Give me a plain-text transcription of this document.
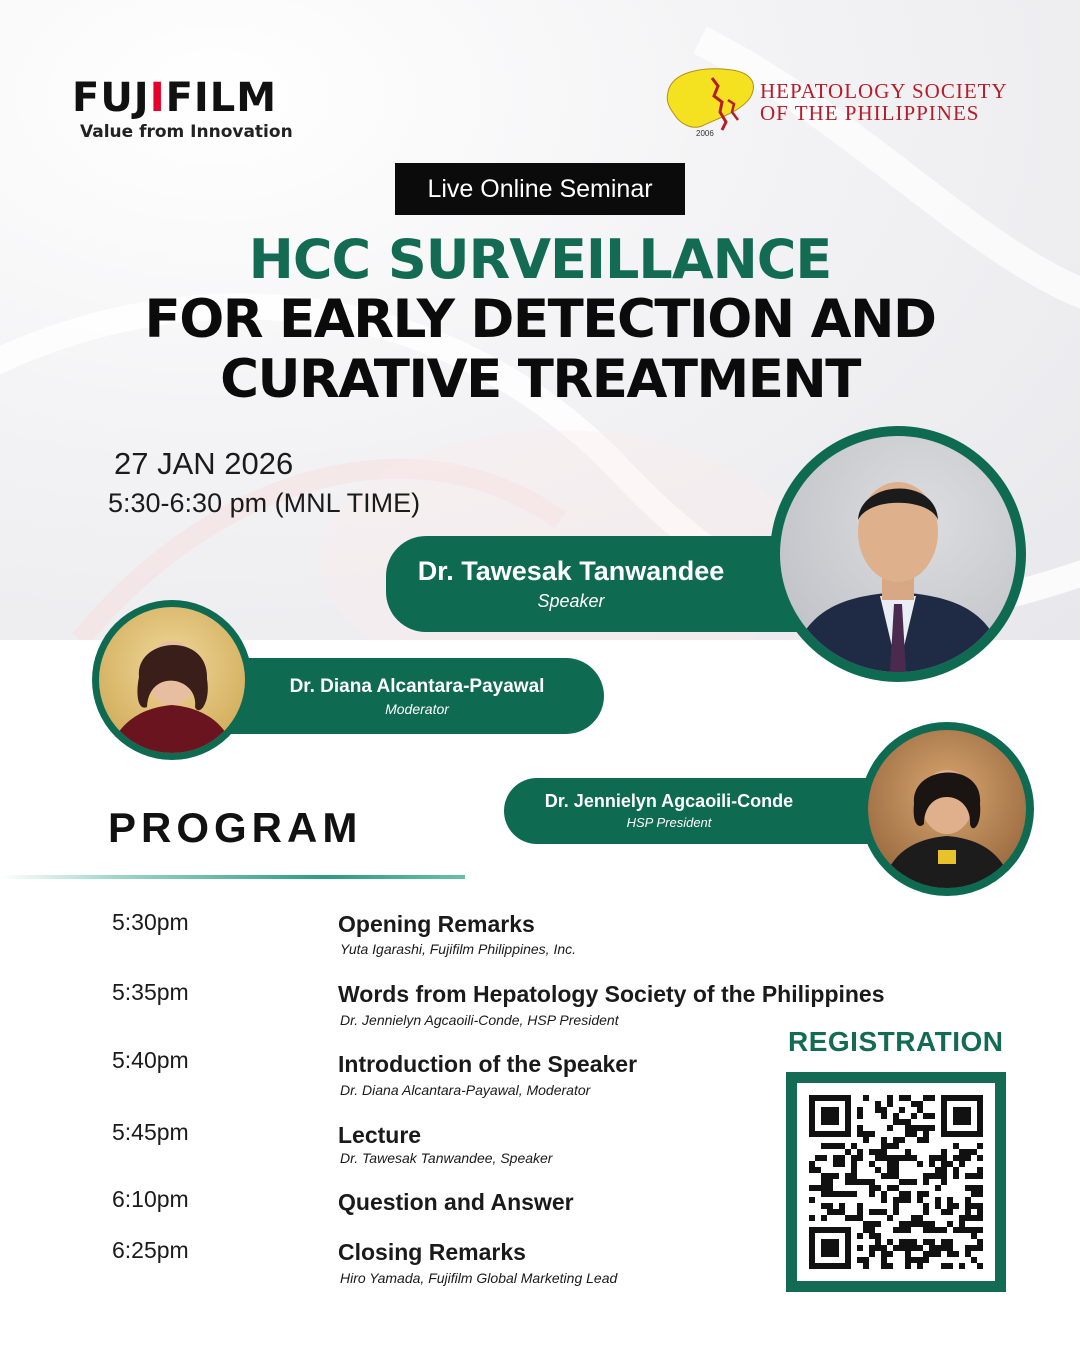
FUJIFILM
Value from Innovation	2006
HEPATOLOGY SOCIETY
OF THE PHILIPPINES
Live Online Seminar
HCC SURVEILLANCE
FOR EARLY DETECTION AND
CURATIVE TREATMENT
27 JAN 2026
5:30-6:30 pm (MNL TIME)
Dr. Tawesak Tanwandee
Speaker
Dr. Diana Alcantara-Payawal
Moderator
Dr. Jennielyn Agcaoili-Conde
HSP President
PROGRAM
5:30pm	Opening Remarks
Yuta Igarashi, Fujifilm Philippines, Inc.
5:35pm	Words from Hepatology Society of the Philippines
Dr. Jennielyn Agcaoili-Conde, HSP President
5:40pm	Introduction of the Speaker
Dr. Diana Alcantara-Payawal, Moderator
5:45pm	Lecture
Dr. Tawesak Tanwandee, Speaker
6:10pm	Question and Answer
6:25pm	Closing Remarks
Hiro Yamada, Fujifilm Global Marketing Lead
REGISTRATION
